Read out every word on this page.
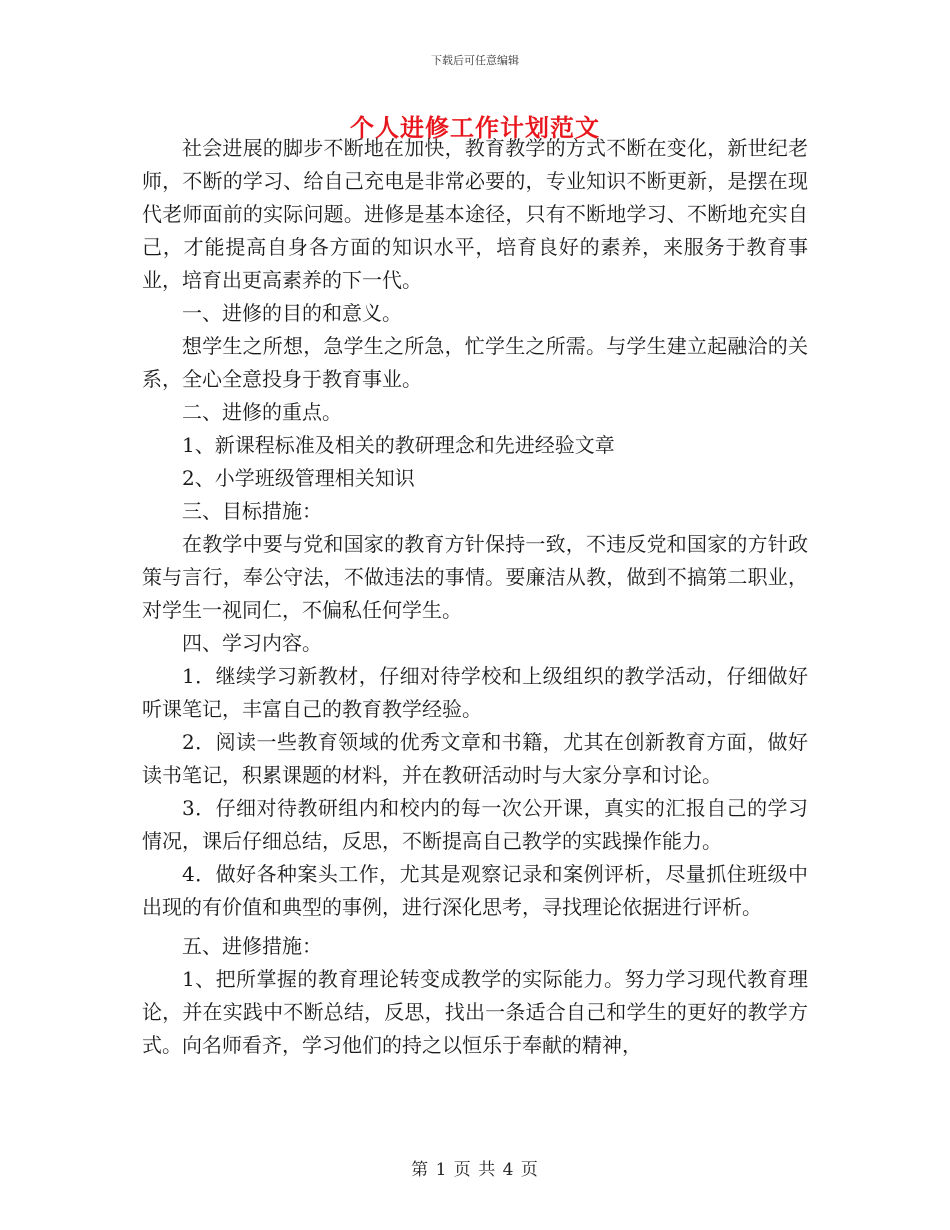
下载后可任意编辑
个人进修工作计划范文

社会进展的脚步不断地在加快，教育教学的方式不断在变化，新世纪老师，不断的学习、给自己充电是非常必要的，专业知识不断更新，是摆在现代老师面前的实际问题。进修是基本途径，只有不断地学习、不断地充实自己，才能提高自身各方面的知识水平，培育良好的素养，来服务于教育事业，培育出更高素养的下一代。

一、进修的目的和意义。

想学生之所想，急学生之所急，忙学生之所需。与学生建立起融洽的关系，全心全意投身于教育事业。

二、进修的重点。

1、新课程标准及相关的教研理念和先进经验文章

2、小学班级管理相关知识

三、目标措施：

在教学中要与党和国家的教育方针保持一致，不违反党和国家的方针政策与言行，奉公守法，不做违法的事情。要廉洁从教，做到不搞第二职业，对学生一视同仁，不偏私任何学生。

四、学习内容。

1．继续学习新教材，仔细对待学校和上级组织的教学活动，仔细做好听课笔记，丰富自己的教育教学经验。

2．阅读一些教育领域的优秀文章和书籍，尤其在创新教育方面，做好读书笔记，积累课题的材料，并在教研活动时与大家分享和讨论。

3．仔细对待教研组内和校内的每一次公开课，真实的汇报自己的学习情况，课后仔细总结，反思，不断提高自己教学的实践操作能力。

4．做好各种案头工作，尤其是观察记录和案例评析，尽量抓住班级中出现的有价值和典型的事例，进行深化思考，寻找理论依据进行评析。

五、进修措施：

1、把所掌握的教育理论转变成教学的实际能力。努力学习现代教育理论，并在实践中不断总结，反思，找出一条适合自己和学生的更好的教学方式。向名师看齐，学习他们的持之以恒乐于奉献的精神，

第 1 页 共 4 页
